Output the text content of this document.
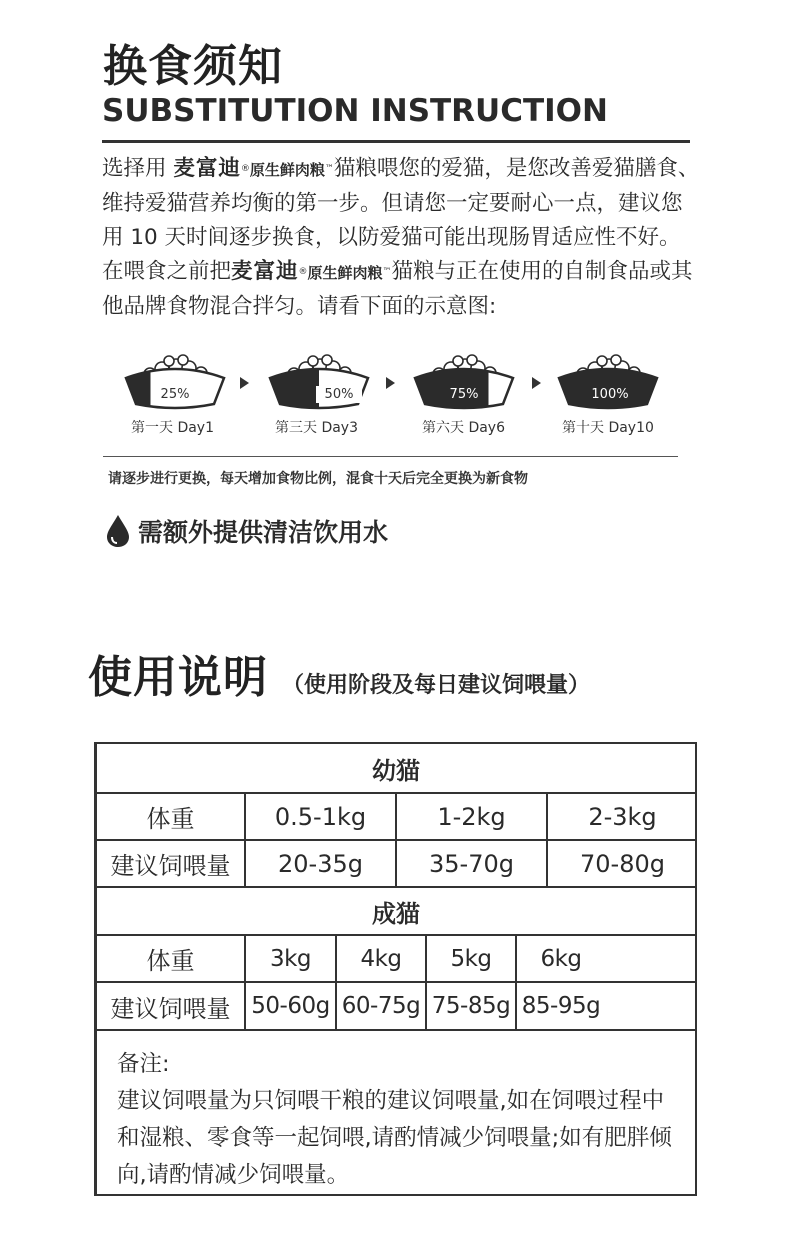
换食须知
SUBSTITUTION INSTRUCTION
选择用 麦富迪®原生鲜肉粮™猫粮喂您的爱猫，是您改善爱猫膳食、维持爱猫营养均衡的第一步。但请您一定要耐心一点，建议您用 10 天时间逐步换食，以防爱猫可能出现肠胃适应性不好。在喂食之前把麦富迪®原生鲜肉粮™猫粮与正在使用的自制食品或其他品牌食物混合拌匀。请看下面的示意图:
25%
第一天 Day1
50%
第三天 Day3
75%
第六天 Day6
100%
第十天 Day10
请逐步进行更换，每天增加食物比例，混食十天后完全更换为新食物
需额外提供清洁饮用水
使用说明 （使用阶段及每日建议饲喂量）
幼猫
体重	0.5-1kg	1-2kg	2-3kg
建议饲喂量	20-35g	35-70g	70-80g
成猫
体重	3kg	4kg	5kg	6kg
建议饲喂量 50-60g 60-75g 75-85g 85-95g
备注:
建议饲喂量为只饲喂干粮的建议饲喂量,如在饲喂过程中和湿粮、零食等一起饲喂,请酌情减少饲喂量;如有肥胖倾向,请酌情减少饲喂量。
